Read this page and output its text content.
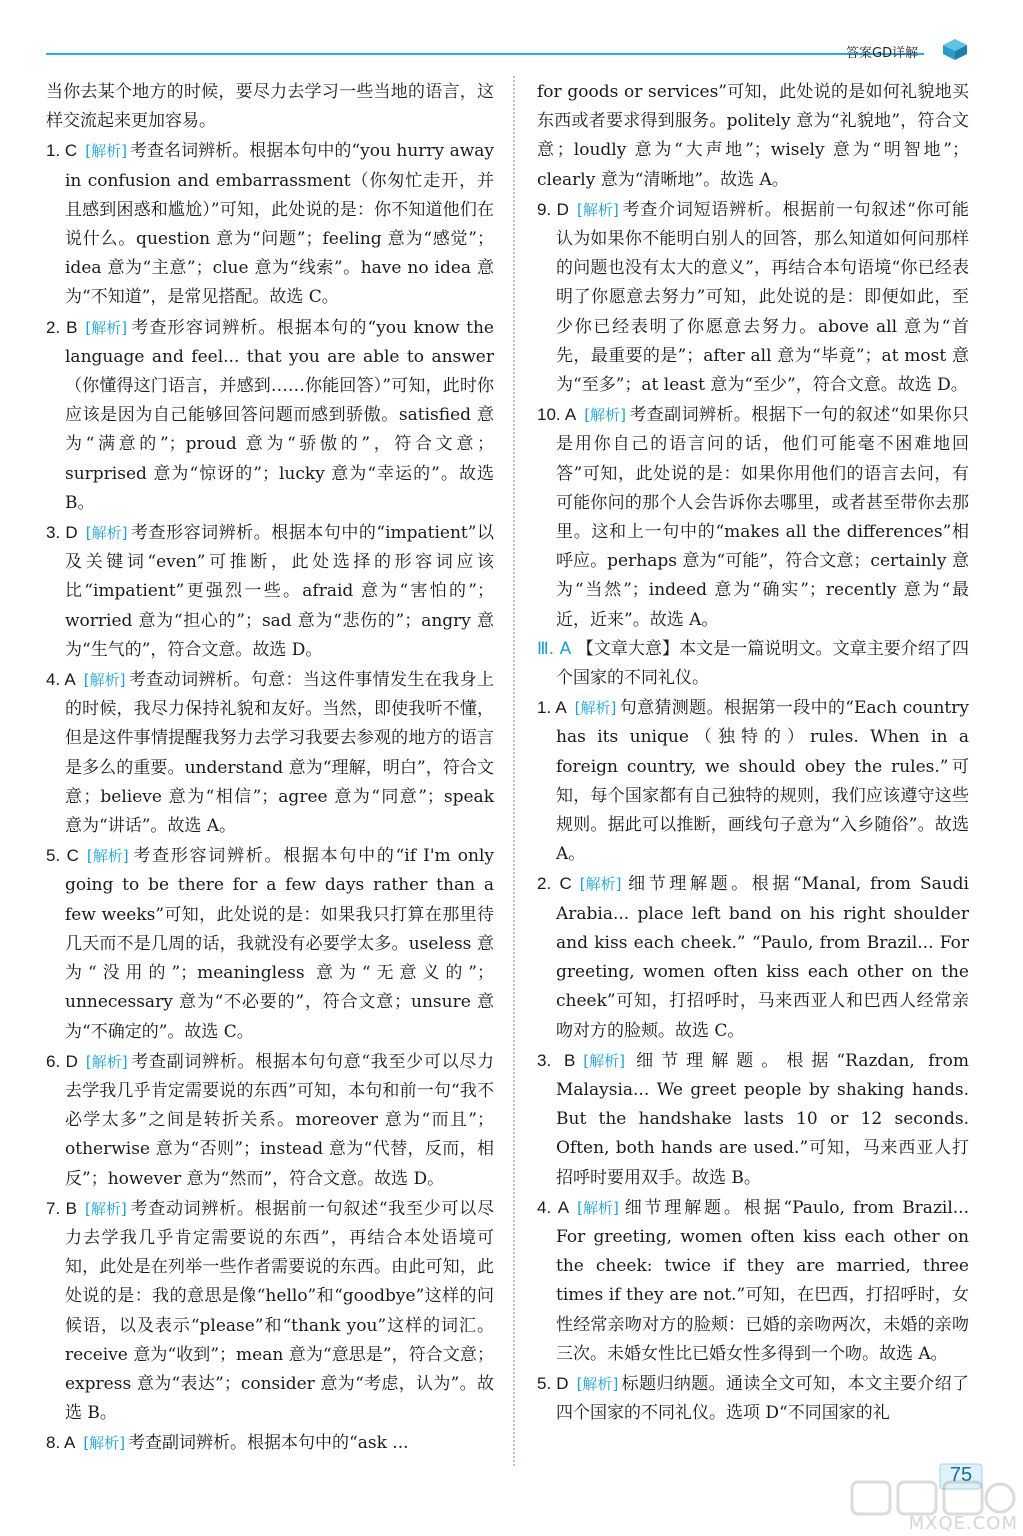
答案GD详解

当你去某个地方的时候，要尽力去学习一些当地的语言，这样交流起来更加容易。

1. C [ 解析 ] 考查名词辨析。根据本句中的“you hurry away in confusion and embarrassment（你匆忙走开，并且感到困惑和尴尬）”可知，此处说的是：你不知道他们在说什么。question 意为“问题”；feeling 意为“感觉”；idea 意为“主意”；clue 意为“线索”。have no idea 意为“不知道”，是常见搭配。故选 C。

2. B [ 解析 ] 考查形容词辨析。根据本句的“you know the language and feel... that you are able to answer（你懂得这门语言，并感到……你能回答）”可知，此时你应该是因为自己能够回答问题而感到骄傲。satisfied 意为“满意的”；proud 意为“骄傲的”，符合文意；surprised 意为“惊讶的”；lucky 意为“幸运的”。故选 B。

3. D [ 解析 ] 考查形容词辨析。根据本句中的“impatient”以及关键词“even”可推断，此处选择的形容词应该比“impatient”更强烈一些。afraid 意为“害怕的”；worried 意为“担心的”；sad 意为“悲伤的”；angry 意为“生气的”，符合文意。故选 D。

4. A [ 解析 ] 考查动词辨析。句意：当这件事情发生在我身上的时候，我尽力保持礼貌和友好。当然，即使我听不懂，但是这件事情提醒我努力去学习我要去参观的地方的语言是多么的重要。understand 意为“理解，明白”，符合文意；believe 意为“相信”；agree 意为“同意”；speak 意为“讲话”。故选 A。

5. C [ 解析 ] 考查形容词辨析。根据本句中的“if I'm only going to be there for a few days rather than a few weeks”可知，此处说的是：如果我只打算在那里待几天而不是几周的话，我就没有必要学太多。useless 意为“没用的”；meaningless 意为“无意义的”；unnecessary 意为“不必要的”，符合文意；unsure 意为“不确定的”。故选 C。

6. D [ 解析 ] 考查副词辨析。根据本句句意“我至少可以尽力去学我几乎肯定需要说的东西”可知，本句和前一句“我不必学太多”之间是转折关系。moreover 意为“而且”；otherwise 意为“否则”；instead 意为“代替，反而，相反”；however 意为“然而”，符合文意。故选 D。

7. B [ 解析 ] 考查动词辨析。根据前一句叙述“我至少可以尽力去学我几乎肯定需要说的东西”，再结合本处语境可知，此处是在列举一些作者需要说的东西。由此可知，此处说的是：我的意思是像“hello”和“goodbye”这样的问候语，以及表示“please”和“thank you”这样的词汇。receive 意为“收到”；mean 意为“意思是”，符合文意；express 意为“表达”；consider 意为“考虑，认为”。故选 B。

8. A [ 解析 ] 考查副词辨析。根据本句中的“ask ...

for goods or services”可知，此处说的是如何礼貌地买东西或者要求得到服务。politely 意为“礼貌地”，符合文意；loudly 意为“大声地”；wisely 意为“明智地”；clearly 意为“清晰地”。故选 A。

9. D [ 解析 ] 考查介词短语辨析。根据前一句叙述“你可能认为如果你不能明白别人的回答，那么知道如何问那样的问题也没有太大的意义”，再结合本句语境“你已经表明了你愿意去努力”可知，此处说的是：即便如此，至少你已经表明了你愿意去努力。above all 意为“首先，最重要的是”；after all 意为“毕竟”；at most 意为“至多”；at least 意为“至少”，符合文意。故选 D。

10. A [ 解析 ] 考查副词辨析。根据下一句的叙述“如果你只是用你自己的语言问的话，他们可能毫不困难地回答”可知，此处说的是：如果你用他们的语言去问，有可能你问的那个人会告诉你去哪里，或者甚至带你去那里。这和上一句中的“makes all the differences”相呼应。perhaps 意为“可能”，符合文意；certainly 意为“当然”；indeed 意为“确实”；recently 意为“最近，近来”。故选 A。

Ⅲ. A 【文章大意】本文是一篇说明文。文章主要介绍了四个国家的不同礼仪。

1. A [ 解析 ] 句意猜测题。根据第一段中的“Each country has its unique（独特的）rules. When in a foreign country, we should obey the rules.”可知，每个国家都有自己独特的规则，我们应该遵守这些规则。据此可以推断，画线句子意为“入乡随俗”。故选 A。

2. C [ 解析 ] 细节理解题。根据“Manal, from Saudi Arabia... place left band on his right shoulder and kiss each cheek.” “Paulo, from Brazil... For greeting, women often kiss each other on the cheek”可知，打招呼时，马来西亚人和巴西人经常亲吻对方的脸颊。故选 C。

3. B [ 解析 ] 细节理解题。根据“Razdan, from Malaysia... We greet people by shaking hands. But the handshake lasts 10 or 12 seconds. Often, both hands are used.”可知，马来西亚人打招呼时要用双手。故选 B。

4. A [ 解析 ] 细节理解题。根据“Paulo, from Brazil... For greeting, women often kiss each other on the cheek: twice if they are married, three times if they are not.”可知，在巴西，打招呼时，女性经常亲吻对方的脸颊：已婚的亲吻两次，未婚的亲吻三次。未婚女性比已婚女性多得到一个吻。故选 A。

5. D [ 解析 ] 标题归纳题。通读全文可知，本文主要介绍了四个国家的不同礼仪。选项 D“不同国家的礼

75
MXQE.COM
